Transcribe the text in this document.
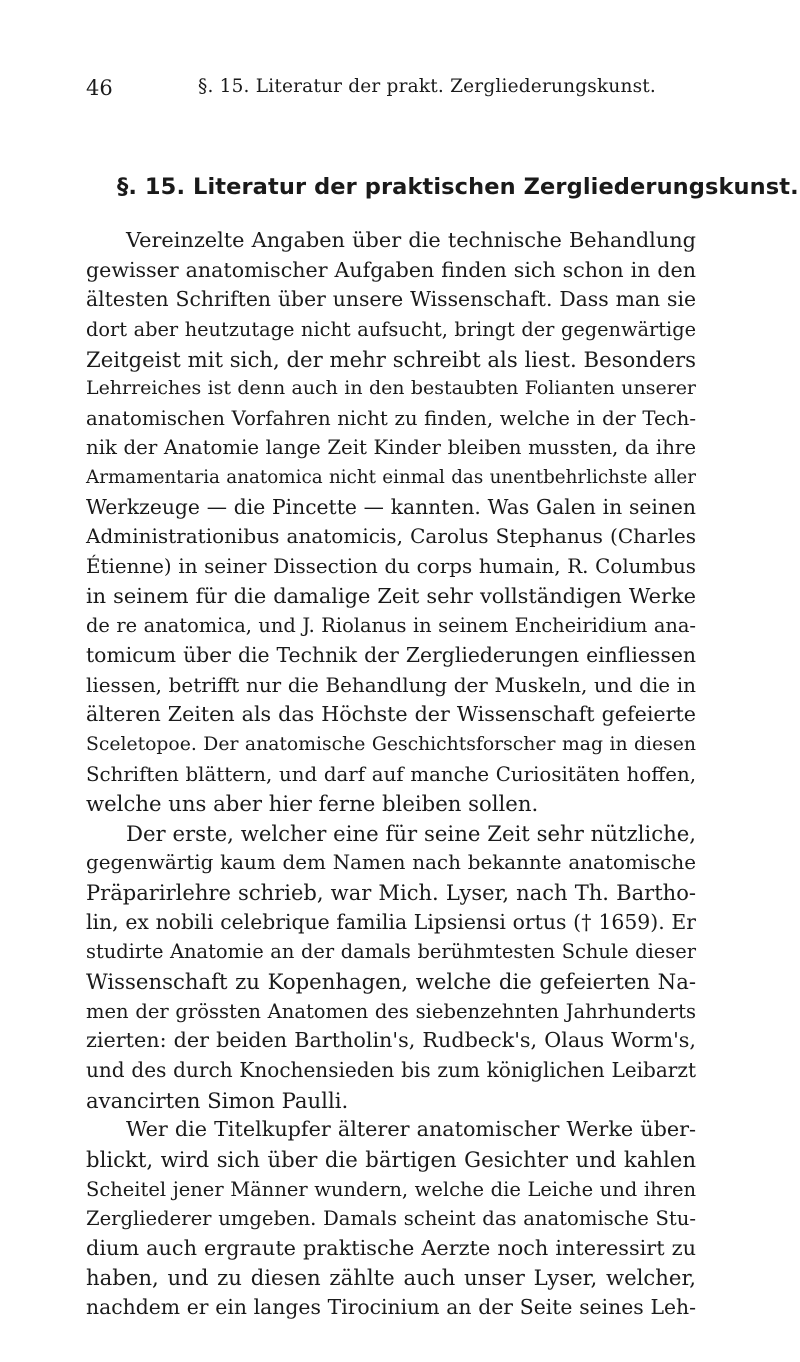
46	§. 15. Literatur der prakt. Zergliederungskunst.
§. 15. Literatur der praktischen Zergliederungskunst.
Vereinzelte Angaben über die technische Behandlung
gewisser anatomischer Aufgaben finden sich schon in den
ältesten Schriften über unsere Wissenschaft. Dass man sie
dort aber heutzutage nicht aufsucht, bringt der gegenwärtige
Zeitgeist mit sich, der mehr schreibt als liest. Besonders
Lehrreiches ist denn auch in den bestaubten Folianten unserer
anatomischen Vorfahren nicht zu finden, welche in der Tech-
nik der Anatomie lange Zeit Kinder bleiben mussten, da ihre
Armamentaria anatomica nicht einmal das unentbehrlichste aller
Werkzeuge — die Pincette — kannten. Was Galen in seinen
Administrationibus anatomicis, Carolus Stephanus (Charles
Étienne) in seiner Dissection du corps humain, R. Columbus
in seinem für die damalige Zeit sehr vollständigen Werke
de re anatomica, und J. Riolanus in seinem Encheiridium ana-
tomicum über die Technik der Zergliederungen einfliessen
liessen, betrifft nur die Behandlung der Muskeln, und die in
älteren Zeiten als das Höchste der Wissenschaft gefeierte
Sceletopoe. Der anatomische Geschichtsforscher mag in diesen
Schriften blättern, und darf auf manche Curiositäten hoffen,
welche uns aber hier ferne bleiben sollen.
Der erste, welcher eine für seine Zeit sehr nützliche,
gegenwärtig kaum dem Namen nach bekannte anatomische
Präparirlehre schrieb, war Mich. Lyser, nach Th. Bartho-
lin, ex nobili celebrique familia Lipsiensi ortus († 1659). Er
studirte Anatomie an der damals berühmtesten Schule dieser
Wissenschaft zu Kopenhagen, welche die gefeierten Na-
men der grössten Anatomen des siebenzehnten Jahrhunderts
zierten: der beiden Bartholin's, Rudbeck's, Olaus Worm's,
und des durch Knochensieden bis zum königlichen Leibarzt
avancirten Simon Paulli.
Wer die Titelkupfer älterer anatomischer Werke über-
blickt, wird sich über die bärtigen Gesichter und kahlen
Scheitel jener Männer wundern, welche die Leiche und ihren
Zergliederer umgeben. Damals scheint das anatomische Stu-
dium auch ergraute praktische Aerzte noch interessirt zu
haben, und zu diesen zählte auch unser Lyser, welcher,
nachdem er ein langes Tirocinium an der Seite seines Leh-
